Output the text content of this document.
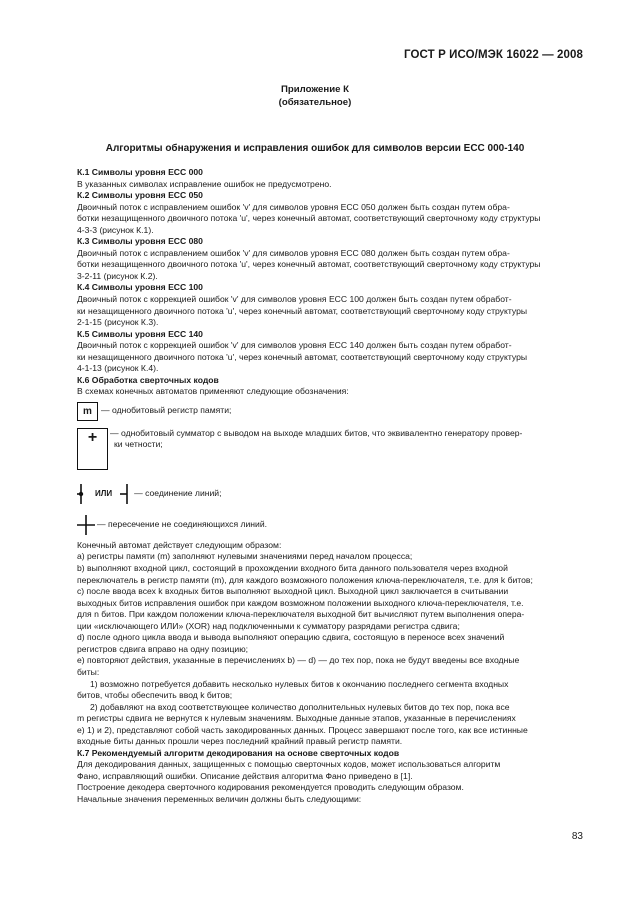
ГОСТ Р ИСО/МЭК 16022 — 2008
Приложение К
(обязательное)
Алгоритмы обнаружения и исправления ошибок для символов версии ЕСС 000-140

К.1 Символы уровня ЕСС 000

В указанных символах исправление ошибок не предусмотрено.

К.2 Символы уровня ЕСС 050

Двоичный поток с исправлением ошибок 'v' для символов уровня ЕСС 050 должен быть создан путем обра-

ботки незащищенного двоичного потока 'u', через конечный автомат, соответствующий сверточному коду структуры

4-3-3 (рисунок К.1).

К.3 Символы уровня ЕСС 080

Двоичный поток с исправлением ошибок 'v' для символов уровня ЕСС 080 должен быть создан путем обра-

ботки незащищенного двоичного потока 'u', через конечный автомат, соответствующий сверточному коду структуры

3-2-11 (рисунок К.2).

К.4 Символы уровня ЕСС 100

Двоичный поток с коррекцией ошибок 'v' для символов уровня ЕСС 100 должен быть создан путем обработ-

ки незащищенного двоичного потока 'u', через конечный автомат, соответствующий сверточному коду структуры

2-1-15 (рисунок К.3).

К.5 Символы уровня ЕСС 140

Двоичный поток с коррекцией ошибок 'v' для символов уровня ЕСС 140 должен быть создан путем обработ-

ки незащищенного двоичного потока 'u', через конечный автомат, соответствующий сверточному коду структуры

4-1-13 (рисунок К.4).

К.6 Обработка сверточных кодов

В схемах конечных автоматов применяют следующие обозначения:

m	— однобитовый регистр памяти;
+	— однобитовый сумматор с выводом на выходе младших битов, что эквивалентно генератору провер-

ки четности;

ИЛИ	— соединение линий;
— пересечение не соединяющихся линий.

Конечный автомат действует следующим образом:

а) регистры памяти (m) заполняют нулевыми значениями перед началом процесса;

b) выполняют входной цикл, состоящий в прохождении входного бита данного пользователя через входной

переключатель в регистр памяти (m), для каждого возможного положения ключа-переключателя, т.е. для k битов;

с) после ввода всех k входных битов выполняют выходной цикл. Выходной цикл заключается в считывании

выходных битов исправления ошибок при каждом возможном положении выходного ключа-переключателя, т.е.

для n битов. При каждом положении ключа-переключателя выходной бит вычисляют путем выполнения опера-

ции «исключающего ИЛИ» (XOR) над подключенными к сумматору разрядами регистра сдвига;

d) после одного цикла ввода и вывода выполняют операцию сдвига, состоящую в переносе всех значений

регистров сдвига вправо на одну позицию;

е) повторяют действия, указанные в перечислениях b) — d) — до тех пор, пока не будут введены все входные

биты:

1) возможно потребуется добавить несколько нулевых битов к окончанию последнего сегмента входных

битов, чтобы обеспечить ввод k битов;

2) добавляют на вход соответствующее количество дополнительных нулевых битов до тех пор, пока все

m регистры сдвига не вернутся к нулевым значениям. Выходные данные этапов, указанные в перечислениях

е) 1) и 2), представляют собой часть закодированных данных. Процесс завершают после того, как все истинные

входные биты данных прошли через последний крайний правый регистр памяти.

К.7 Рекомендуемый алгоритм декодирования на основе сверточных кодов

Для декодирования данных, защищенных с помощью сверточных кодов, может использоваться алгоритм

Фано, исправляющий ошибки. Описание действия алгоритма Фано приведено в [1].

Построение декодера сверточного кодирования рекомендуется проводить следующим образом.

Начальные значения переменных величин должны быть следующими:

83
